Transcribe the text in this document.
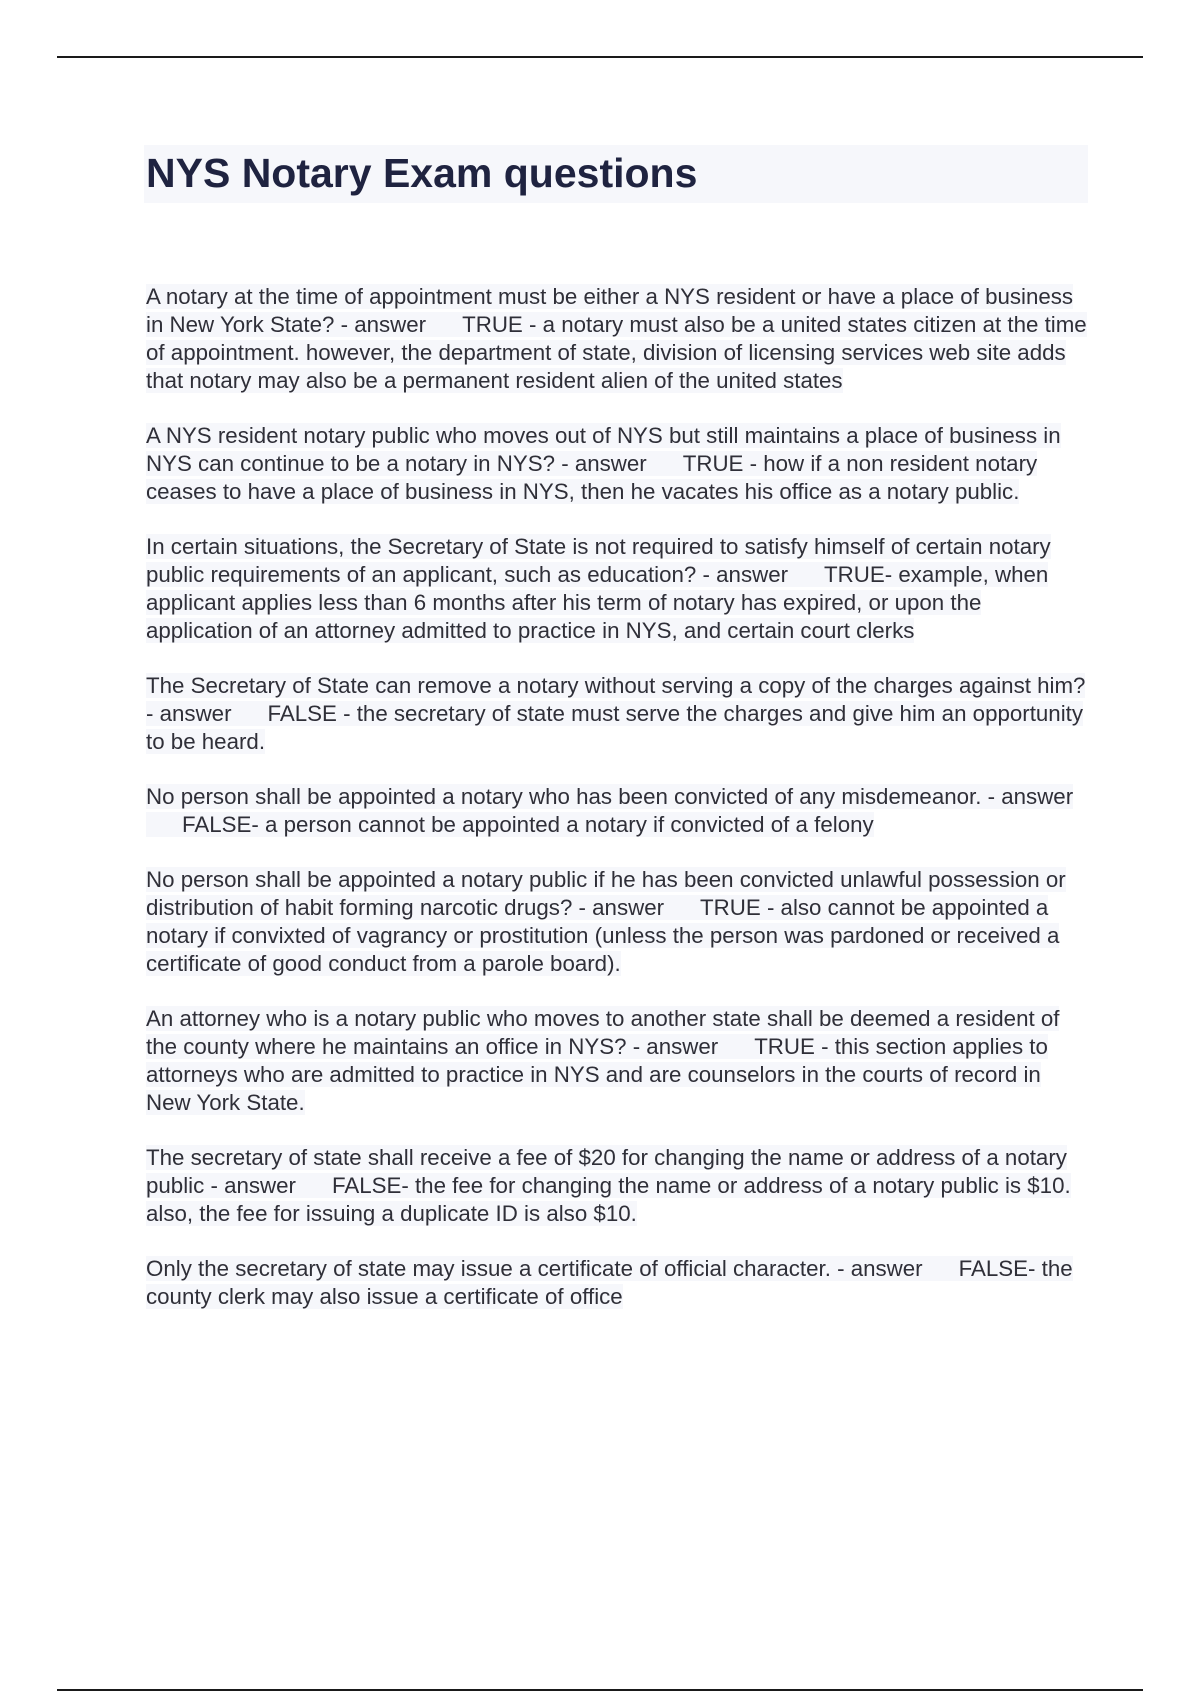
NYS Notary Exam questions

A notary at the time of appointment must be either a NYS resident or have a place of business in New York State? - answer TRUE - a notary must also be a united states citizen at the time of appointment. however, the department of state, division of licensing services web site adds that notary may also be a permanent resident alien of the united states

A NYS resident notary public who moves out of NYS but still maintains a place of business in NYS can continue to be a notary in NYS? - answer TRUE - how if a non resident notary ceases to have a place of business in NYS, then he vacates his office as a notary public.

In certain situations, the Secretary of State is not required to satisfy himself of certain notary public requirements of an applicant, such as education? - answer TRUE- example, when applicant applies less than 6 months after his term of notary has expired, or upon the application of an attorney admitted to practice in NYS, and certain court clerks

The Secretary of State can remove a notary without serving a copy of the charges against him? - answer FALSE - the secretary of state must serve the charges and give him an opportunity to be heard.

No person shall be appointed a notary who has been convicted of any misdemeanor. - answerFALSE- a person cannot be appointed a notary if convicted of a felony

No person shall be appointed a notary public if he has been convicted unlawful possession or distribution of habit forming narcotic drugs? - answer TRUE - also cannot be appointed a notary if convixted of vagrancy or prostitution (unless the person was pardoned or received a certificate of good conduct from a parole board).

An attorney who is a notary public who moves to another state shall be deemed a resident of the county where he maintains an office in NYS? - answer TRUE - this section applies to attorneys who are admitted to practice in NYS and are counselors in the courts of record in New York State.

The secretary of state shall receive a fee of $20 for changing the name or address of a notary public - answer FALSE- the fee for changing the name or address of a notary public is $10. also, the fee for issuing a duplicate ID is also $10.

Only the secretary of state may issue a certificate of official character. - answer FALSE- the county clerk may also issue a certificate of office
